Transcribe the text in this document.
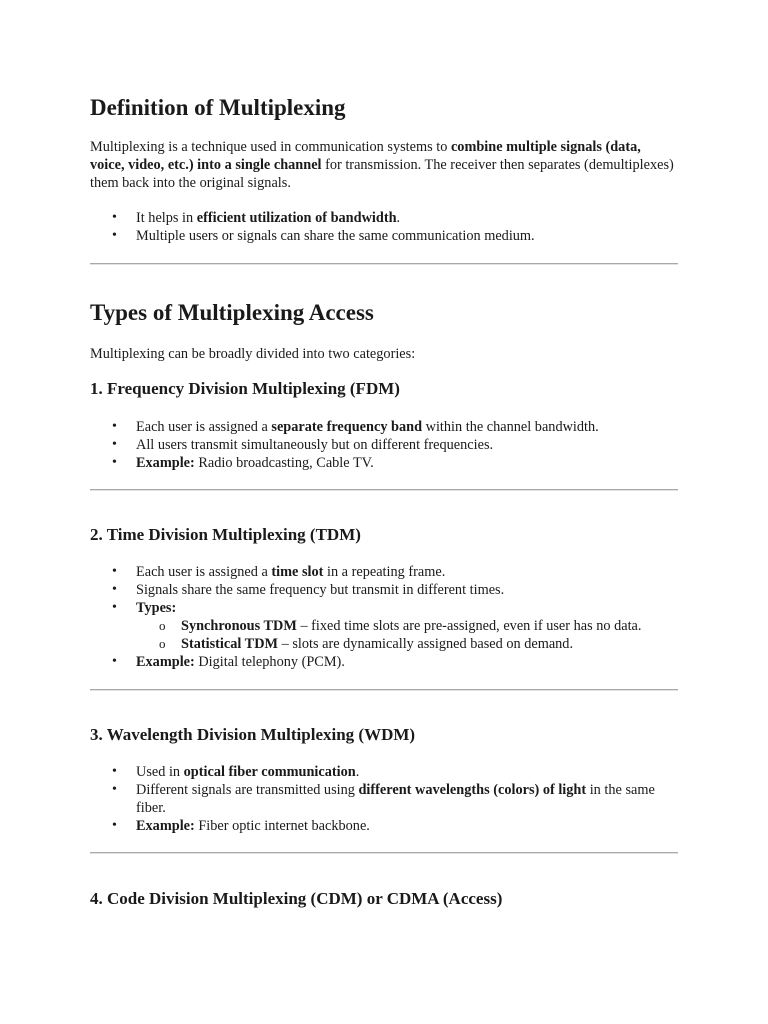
Definition of Multiplexing

Multiplexing is a technique used in communication systems to combine multiple signals (data, voice, video, etc.) into a single channel for transmission. The receiver then separates (demultiplexes) them back into the original signals.

• It helps in efficient utilization of bandwidth.
• Multiple users or signals can share the same communication medium.
Types of Multiplexing Access

Multiplexing can be broadly divided into two categories:

1. Frequency Division Multiplexing (FDM)
• Each user is assigned a separate frequency band within the channel bandwidth.
• All users transmit simultaneously but on different frequencies.
• Example: Radio broadcasting, Cable TV.
2. Time Division Multiplexing (TDM)
• Each user is assigned a time slot in a repeating frame.
• Signals share the same frequency but transmit in different times.
• Types:
o Synchronous TDM – fixed time slots are pre-assigned, even if user has no data.
o Statistical TDM – slots are dynamically assigned based on demand.
• Example: Digital telephony (PCM).
3. Wavelength Division Multiplexing (WDM)
• Used in optical fiber communication.
• Different signals are transmitted using different wavelengths (colors) of light in the same fiber.
• Example: Fiber optic internet backbone.
4. Code Division Multiplexing (CDM) or CDMA (Access)
